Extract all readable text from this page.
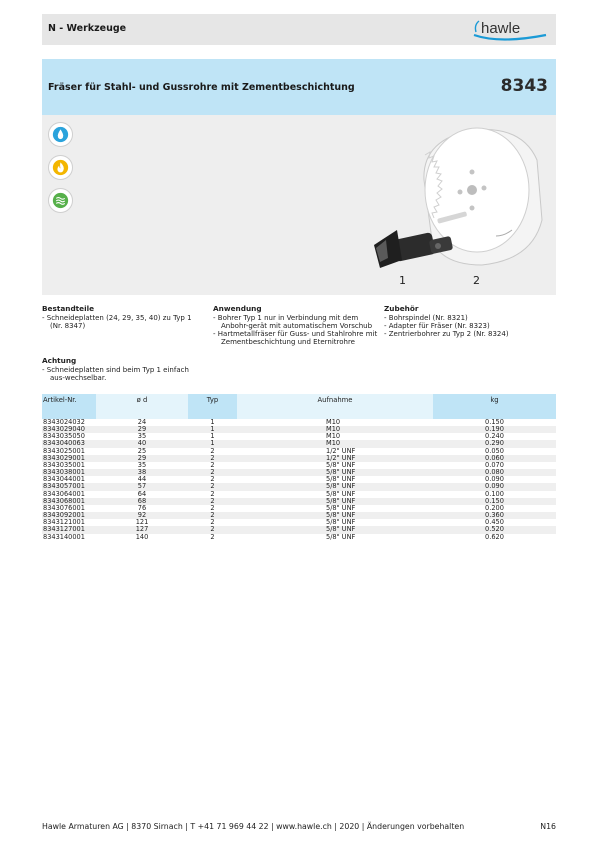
N - Werkzeuge	hawle
Fräser für Stahl- und Gussrohre mit Zementbeschichtung	8343
1	2
Bestandteile
- Schneideplatten (24, 29, 35, 40) zu Typ 1 (Nr. 8347)
Anwendung
- Bohrer Typ 1 nur in Verbindung mit dem Anbohr-gerät mit automatischem Vorschub
- Hartmetallfräser für Guss- und Stahlrohre mit Zementbeschichtung und Eternitrohre
Zubehör
- Bohrspindel (Nr. 8321)
- Adapter für Fräser (Nr. 8323)
- Zentrierbohrer zu Typ 2 (Nr. 8324)
Achtung
- Schneideplatten sind beim Typ 1 einfach aus-wechselbar.
Artikel-Nr.	ø d	Typ	Aufnahme	kg
8343024032	24	1	M10	0.150
8343029040	29	1	M10	0.190
8343035050	35	1	M10	0.240
8343040063	40	1	M10	0.290
8343025001	25	2	1/2" UNF	0.050
8343029001	29	2	1/2" UNF	0.060
8343035001	35	2	5/8" UNF	0.070
8343038001	38	2	5/8" UNF	0.080
8343044001	44	2	5/8" UNF	0.090
8343057001	57	2	5/8" UNF	0.090
8343064001	64	2	5/8" UNF	0.100
8343068001	68	2	5/8" UNF	0.150
8343076001	76	2	5/8" UNF	0.200
8343092001	92	2	5/8" UNF	0.360
8343121001	121	2	5/8" UNF	0.450
8343127001	127	2	5/8" UNF	0.520
8343140001	140	2	5/8" UNF	0.620
Hawle Armaturen AG | 8370 Sirnach | T +41 71 969 44 22 | www.hawle.ch | 2020 | Änderungen vorbehalten	N16
